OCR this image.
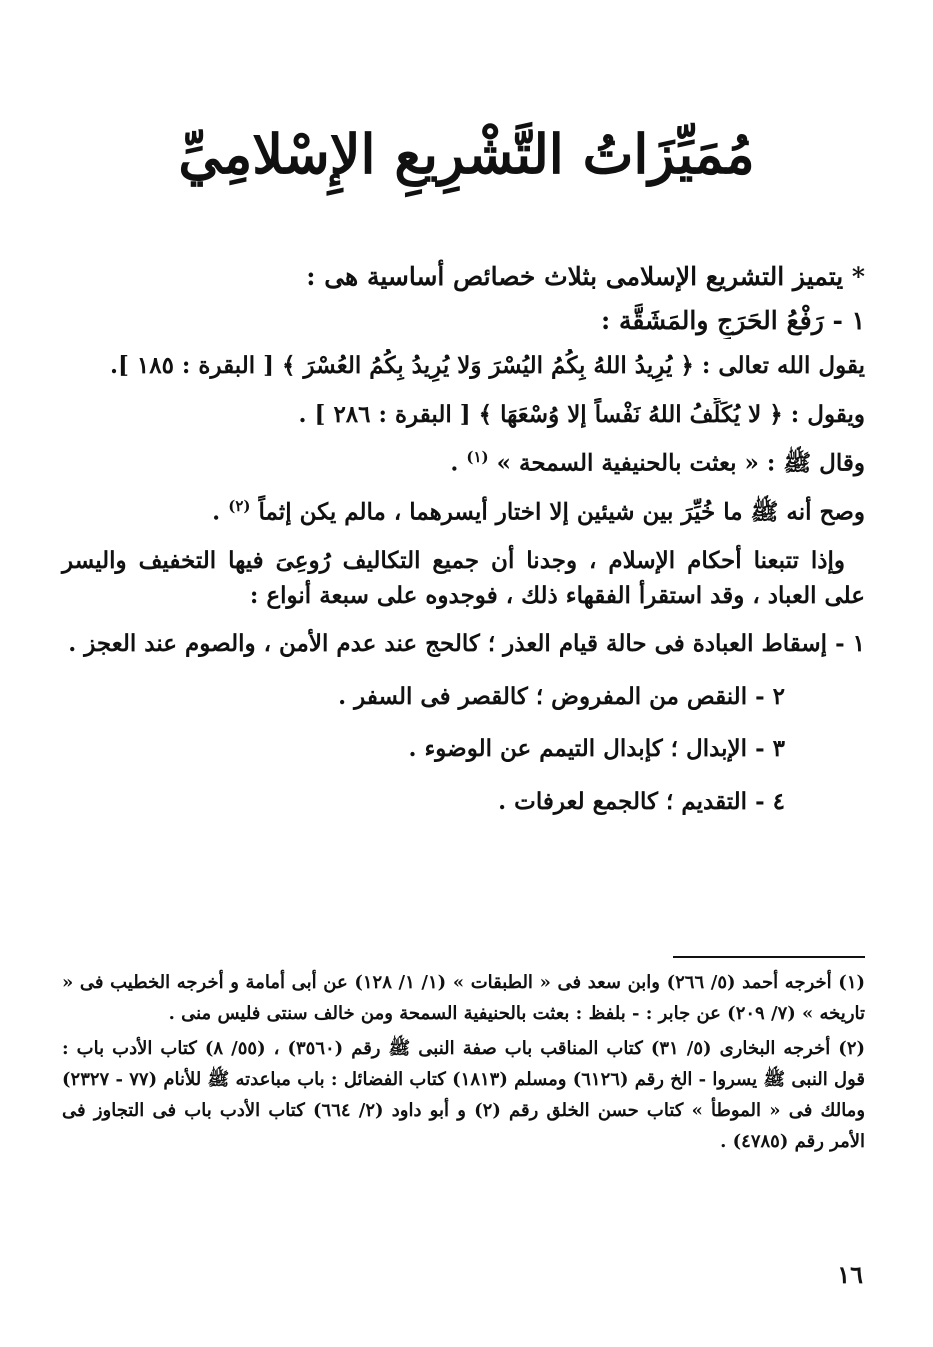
مُمَيِّزَاتُ التَّشْرِيعِ الإِسْلامِيِّ
* يتميز التشريع الإسلامى بثلاث خصائص أساسية هى :
١ - رَفْعُ الحَرَجِ والمَشَقَّة :
يقول الله تعالى : ﴿ يُرِيدُ اللهُ بِكُمُ اليُسْرَ وَلا يُرِيدُ بِكُمُ العُسْرَ ﴾ [ البقرة : ١٨٥ ].
ويقول : ﴿ لا يُكَلِّفُ اللهُ نَفْساً إلا وُسْعَهَا ﴾ [ البقرة : ٢٨٦ ] .
وقال ﷺ : « بعثت بالحنيفية السمحة » $^{(١)}$ .
وصح أنه ﷺ ما خُيِّرَ بين شيئين إلا اختار أيسرهما ، مالم يكن إثماً $^{(٢)}$ .
وإذا تتبعنا أحكام الإسلام ، وجدنا أن جميع التكاليف رُوعِىَ فيها التخفيف واليسر على العباد ، وقد استقرأ الفقهاء ذلك ، فوجدوه على سبعة أنواع :
١ - إسقاط العبادة فى حالة قيام العذر ؛ كالحج عند عدم الأمن ، والصوم عند العجز .
٢ - النقص من المفروض ؛ كالقصر فى السفر .
٣ - الإبدال ؛ كإبدال التيمم عن الوضوء .
٤ - التقديم ؛ كالجمع لعرفات .
(١) أخرجه أحمد (٥/ ٢٦٦) وابن سعد فى « الطبقات » (١/ ١/ ١٢٨) عن أبى أمامة و أخرجه الخطيب فى « تاريخه » (٧/ ٢٠٩) عن جابر : - بلفظ : بعثت بالحنيفية السمحة ومن خالف سنتى فليس منى .
(٢) أخرجه البخارى (٥/ ٣١) كتاب المناقب باب صفة النبى ﷺ رقم (٣٥٦٠) ، (٥٥/ ٨) كتاب الأدب باب : قول النبى ﷺ يسروا - الخ رقم (٦١٢٦) ومسلم (١٨١٣) كتاب الفضائل : باب مباعدته ﷺ للأنام (٧٧ - ٢٣٢٧) ومالك فى « الموطأ » كتاب حسن الخلق رقم (٢) و أبو داود (٢/ ٦٦٤) كتاب الأدب باب فى التجاوز فى الأمر رقم (٤٧٨٥) .
١٦
